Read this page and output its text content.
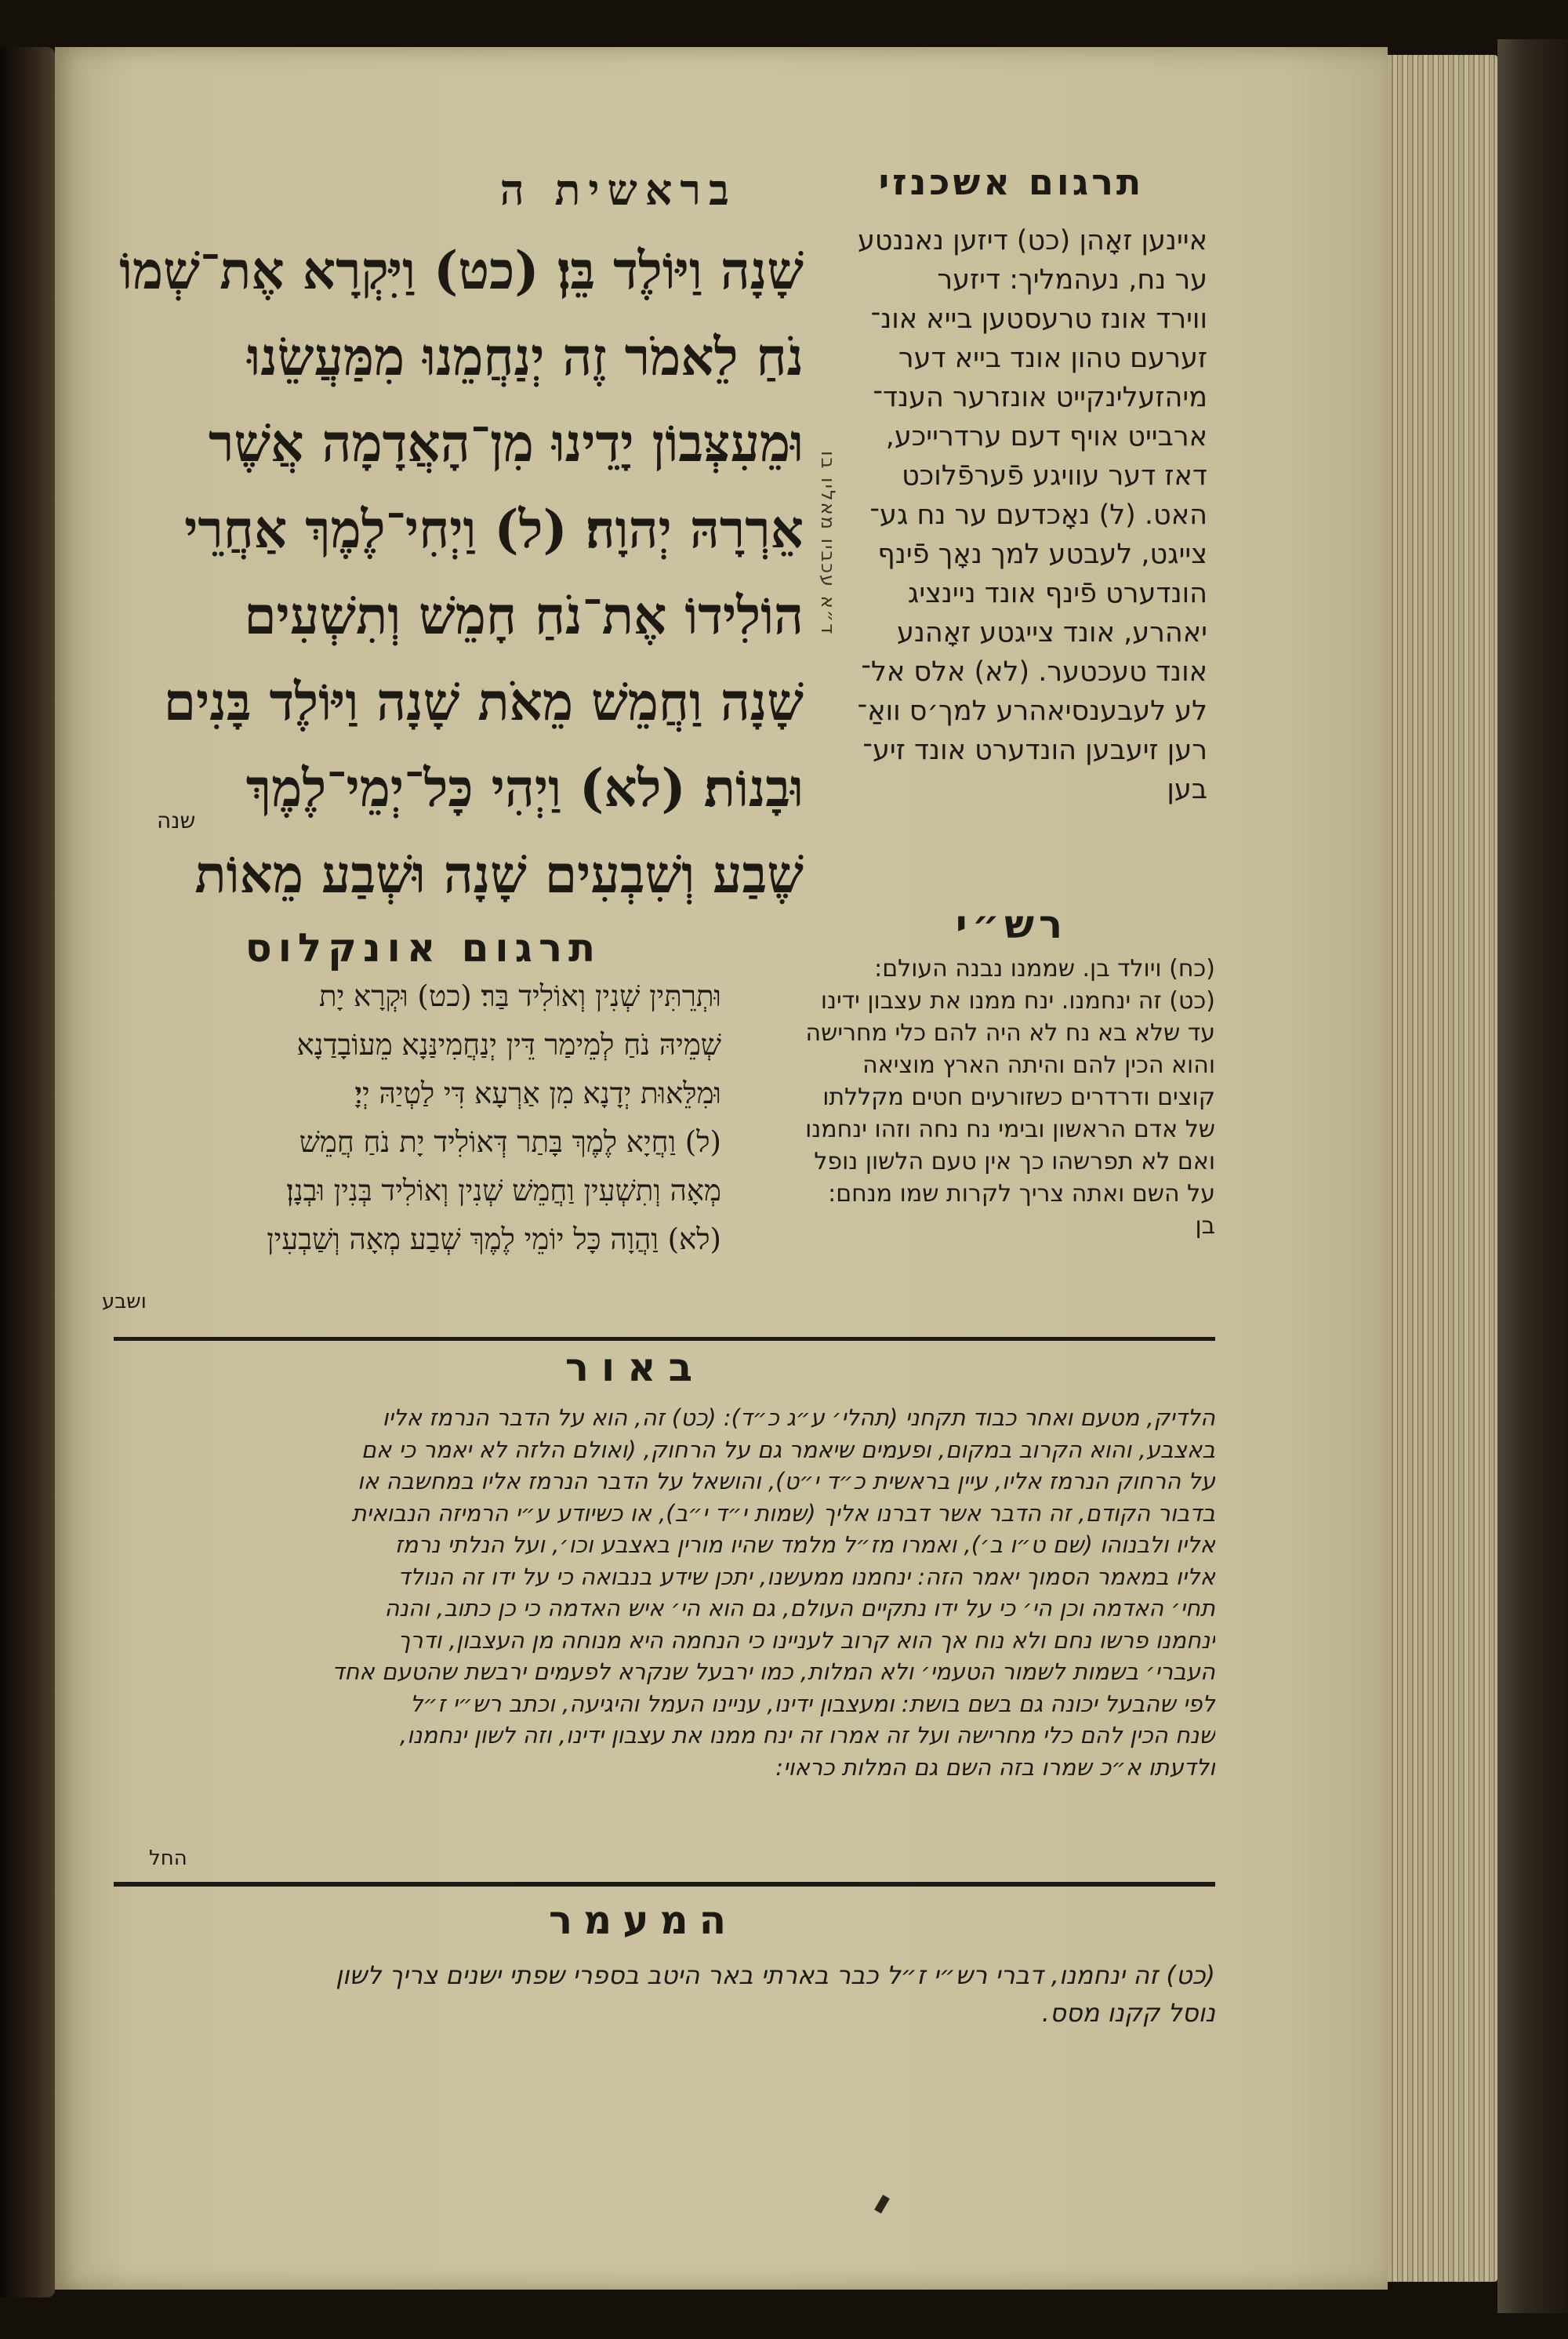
בראשית ה	תרגום אשכנזי
שָׁנָה וַיּוֹלֶד בֵּן׃ (כט) וַיִּקְרָא אֶת־שְׁמוֹ
נֹחַ לֵאמֹר זֶה יְנַחֲמֵנוּ מִמַּעֲשֵׂנוּ
וּמֵעִצְּבוֹן יָדֵינוּ מִן־הָאֲדָמָה אֲשֶׁר
אֵרְרָהּ יְהוָה׃ (ל) וַיְחִי־לֶמֶךְ אַחֲרֵי
הוֹלִידוֹ אֶת־נֹחַ חָמֵשׁ וְתִשְׁעִים
שָׁנָה וַחֲמֵשׁ מֵאֹת שָׁנָה וַיּוֹלֶד בָּנִים
וּבָנוֹת׃ (לא) וַיְהִי כָּל־יְמֵי־לֶמֶךְ
שֶׁבַע וְשִׁבְעִים שָׁנָה וּשְׁבַע מֵאוֹת
שנה
ד״א עכביו מאליו בו
איינען זאָהן (כט) דיזען נאננטע
ער נח, נעהמליך: דיזער
ווירד אונז טרעסטען בייא אונ־
זערעם טהון אונד בייא דער
מיהזעלינקייט אונזרער הענד־
ארבייט אויף דעם ערדרייכע,
דאז דער עוויגע פֿערפֿלוכט
האט. (ל) נאָכדעם ער נח גע־
צייגט, לעבטע למך נאָך פֿינף
הונדערט פֿינף אונד ניינציג
יאהרע, אונד צייגטע זאָהנע
אונד טעכטער. (לא) אלס אל־
לע לעבענסיאהרע למך׳ס וואַ־
רען זיעבען הונדערט אונד זיע־
בען
תרגום אונקלוס
רש״י
וּתְרֵתִּין שְׁנִין וְאוֹלִיד בַּר׃ (כט) וּקְרָא יָת
שְׁמֵיהּ נֹחַ לְמֵימַר דֵּין יְנַחֲמִינַּנָא מֵעוֹבָדַנָא
וּמִלֵּאוּת יְדָנָא מִן אַרְעָא דִּי לַטְיַהּ יְיָ׃
(ל) וַחֲיָא לֶמֶךְ בָּתַר דְּאוֹלִיד יָת נֹחַ חֲמֵשׁ
מְאָה וְתִשְׁעִין וַחֲמֵשׁ שְׁנִין וְאוֹלִיד בְּנִין וּבְנָן׃
(לא) וַהֲוָה כָּל יוֹמֵי לֶמֶךְ שְׁבַע מְאָה וְשַׁבְעִין
ושבע
(כח) ויולד בן. שממנו נבנה העולם:
(כט) זה ינחמנו. ינח ממנו את עצבון ידינו
עד שלא בא נח לא היה להם כלי מחרישה
והוא הכין להם והיתה הארץ מוציאה
קוצים ודרדרים כשזורעים חטים מקללתו
של אדם הראשון ובימי נח נחה וזהו ינחמנו
ואם לא תפרשהו כך אין טעם הלשון נופל
על השם ואתה צריך לקרות שמו מנחם:
בן
באור
הלדיק, מטעם ואחר כבוד תקחני (תהלי׳ ע״ג כ״ד): (כט) זה, הוא על הדבר הנרמז אליו
באצבע, והוא הקרוב במקום, ופעמים שיאמר גם על הרחוק, (ואולם הלזה לא יאמר כי אם
על הרחוק הנרמז אליו, עיין בראשית כ״ד י״ט), והושאל על הדבר הנרמז אליו במחשבה או
בדבור הקודם, זה הדבר אשר דברנו אליך (שמות י״ד י״ב), או כשיודע ע״י הרמיזה הנבואית
אליו ולבנוהו (שם ט״ו ב׳), ואמרו מז״ל מלמד שהיו מורין באצבע וכו׳, ועל הנלתי נרמז
אליו במאמר הסמוך יאמר הזה: ינחמנו ממעשנו, יתכן שידע בנבואה כי על ידו זה הנולד
תחי׳ האדמה וכן הי׳ כי על ידו נתקיים העולם, גם הוא הי׳ איש האדמה כי כן כתוב, והנה
ינחמנו פרשו נחם ולא נוח אך הוא קרוב לעניינו כי הנחמה היא מנוחה מן העצבון, ודרך
העברי׳ בשמות לשמור הטעמי׳ ולא המלות, כמו ירבעל שנקרא לפעמים ירבשת שהטעם אחד
לפי שהבעל יכונה גם בשם בושת: ומעצבון ידינו, עניינו העמל והיגיעה, וכתב רש״י ז״ל
שנח הכין להם כלי מחרישה ועל זה אמרו זה ינח ממנו את עצבון ידינו, וזה לשון ינחמנו,
ולדעתו א״כ שמרו בזה השם גם המלות כראוי:
החל
המעמר
(כט) זה ינחמנו, דברי רש״י ז״ל כבר בארתי באר היטב בספרי שפתי ישנים צריך לשון
נוסל קקנו מסס.
